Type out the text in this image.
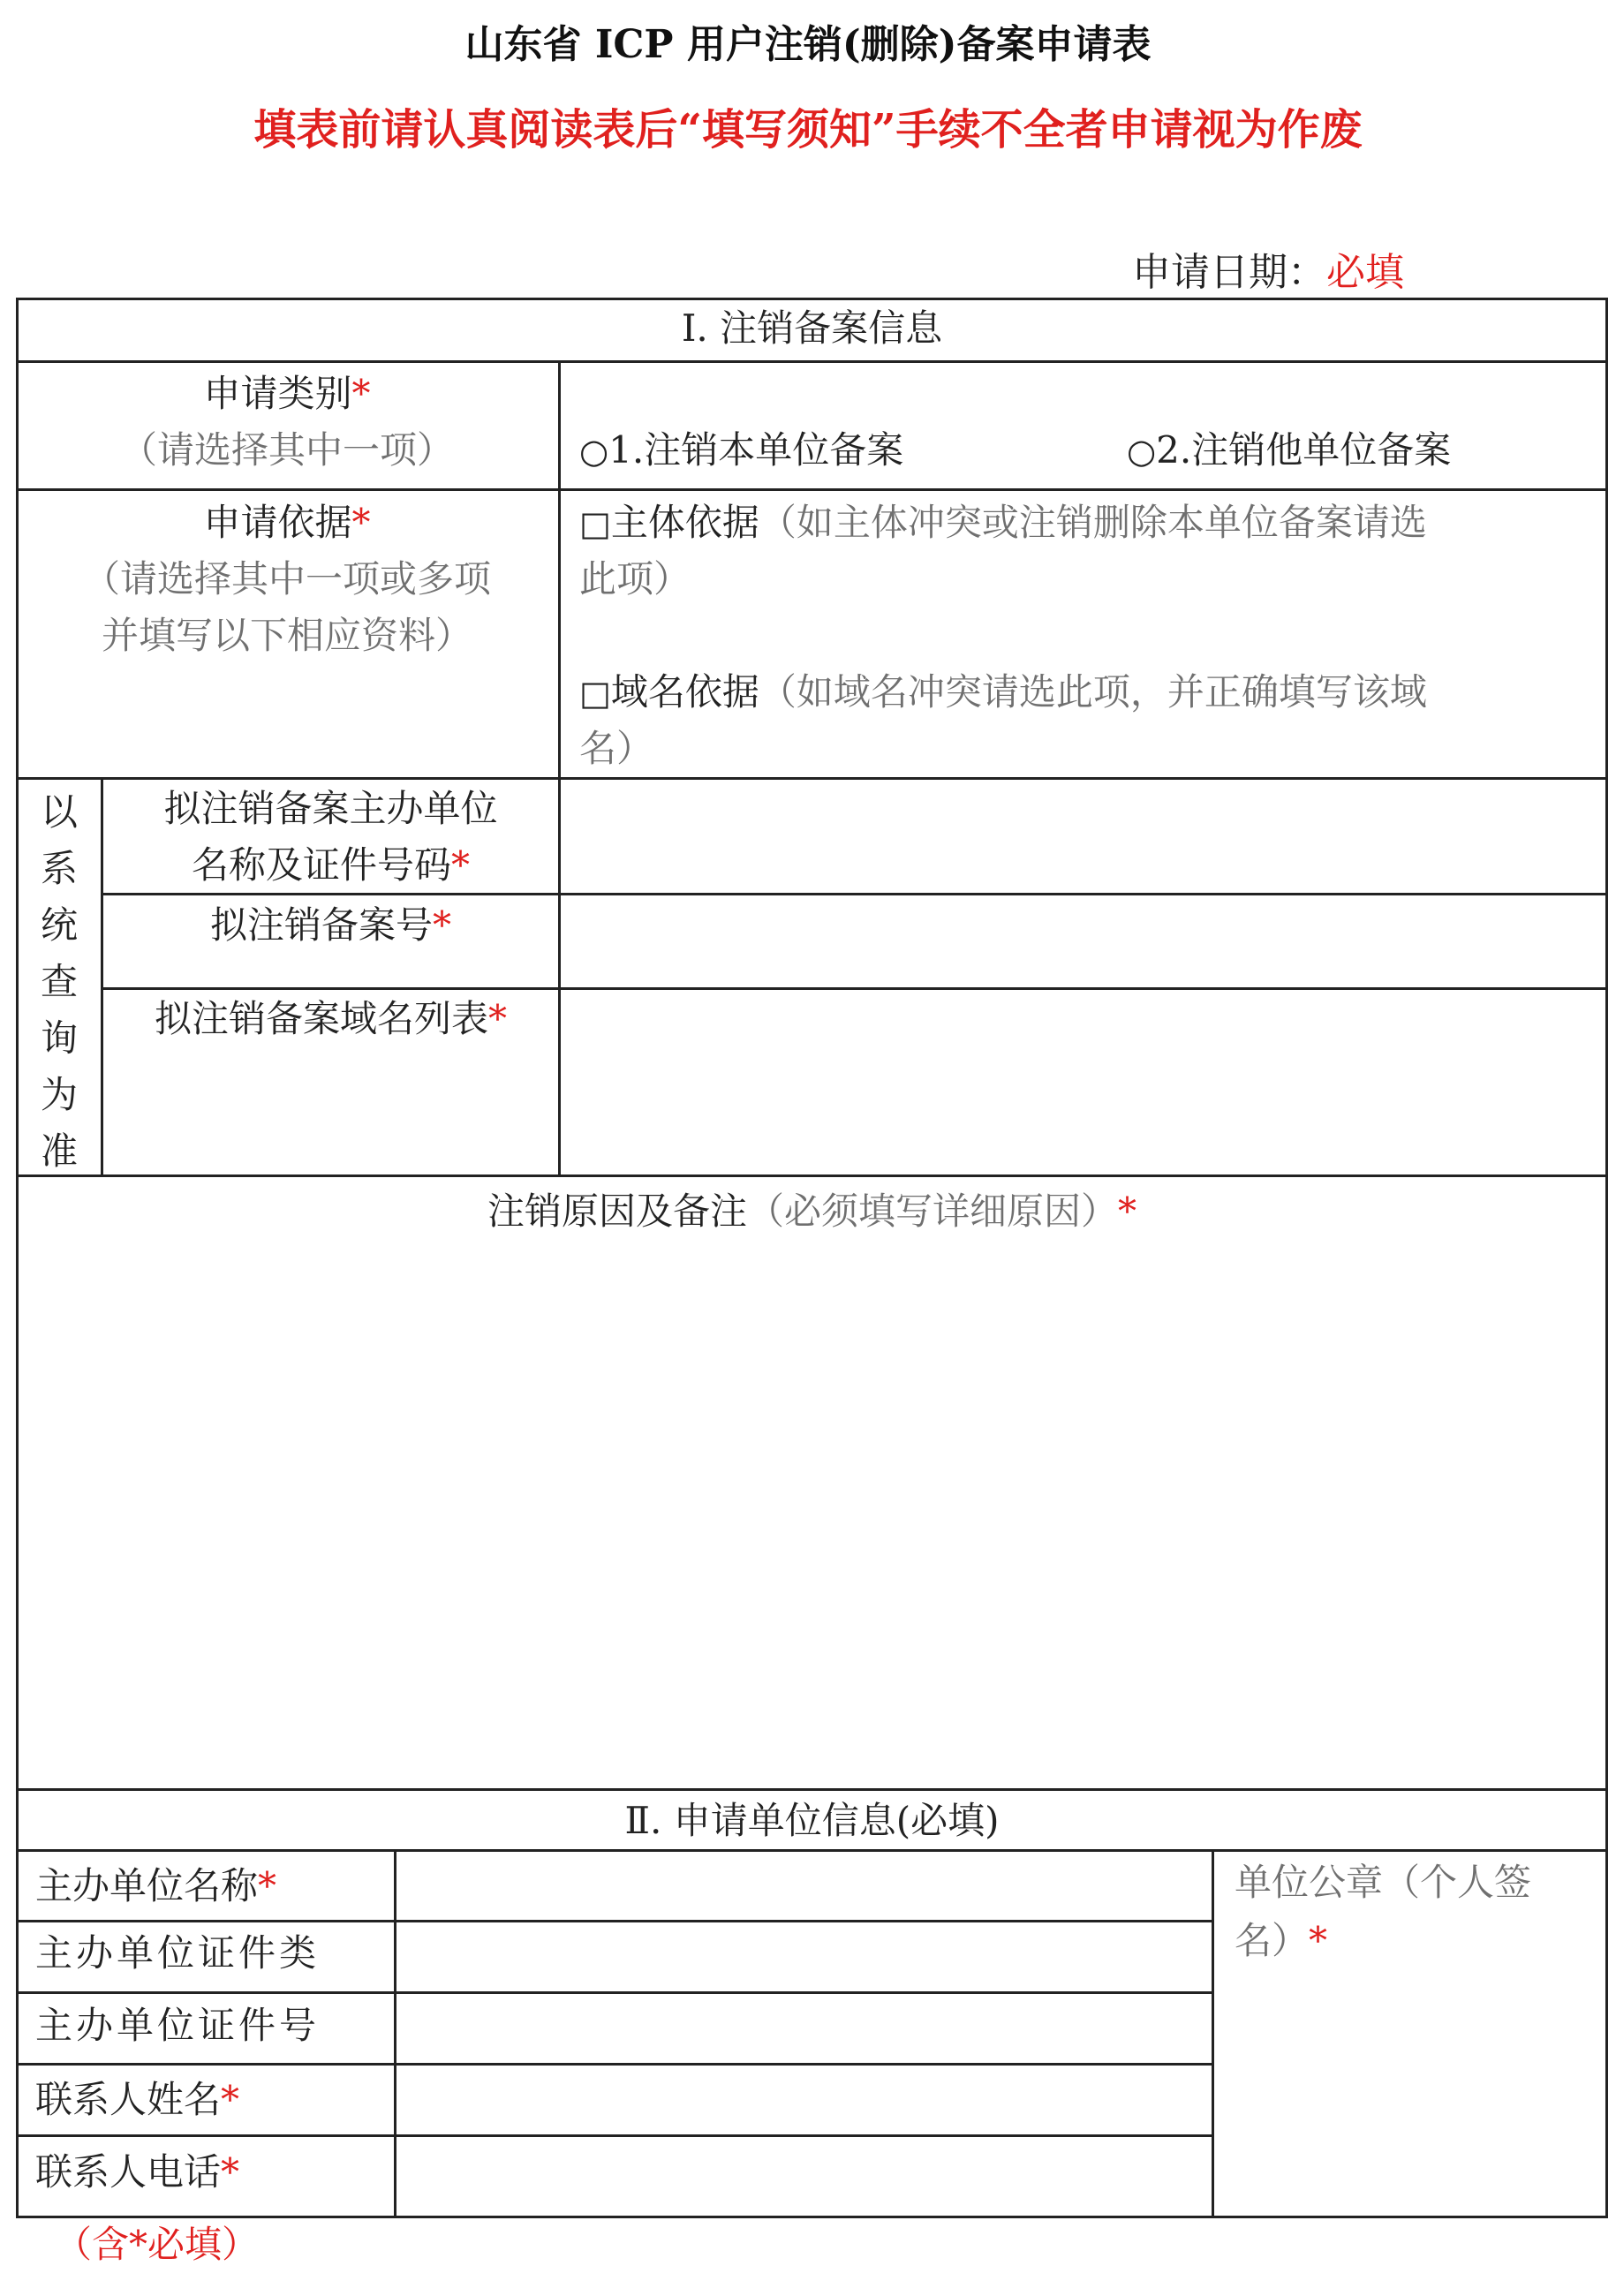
山东省 ICP 用户注销(删除)备案申请表
填表前请认真阅读表后“填写须知”手续不全者申请视为作废
申请日期：必填
Ⅰ. 注销备案信息
申请类别*
（请选择其中一项）	○1.注销本单位备案	○2.注销他单位备案
申请依据*
（请选择其中一项或多项
并填写以下相应资料）
□主体依据（如主体冲突或注销删除本单位备案请选
此项）
□域名依据（如域名冲突请选此项，并正确填写该域
名）
以
系
统
查
询
为
准
拟注销备案主办单位
名称及证件号码*
拟注销备案号*
拟注销备案域名列表*
注销原因及备注（必须填写详细原因）*
Ⅱ. 申请单位信息(必填)
主办单位名称*
主办单位证件类
主办单位证件号
联系人姓名*
联系人电话*
单位公章（个人签
名）*
（含*必填）
